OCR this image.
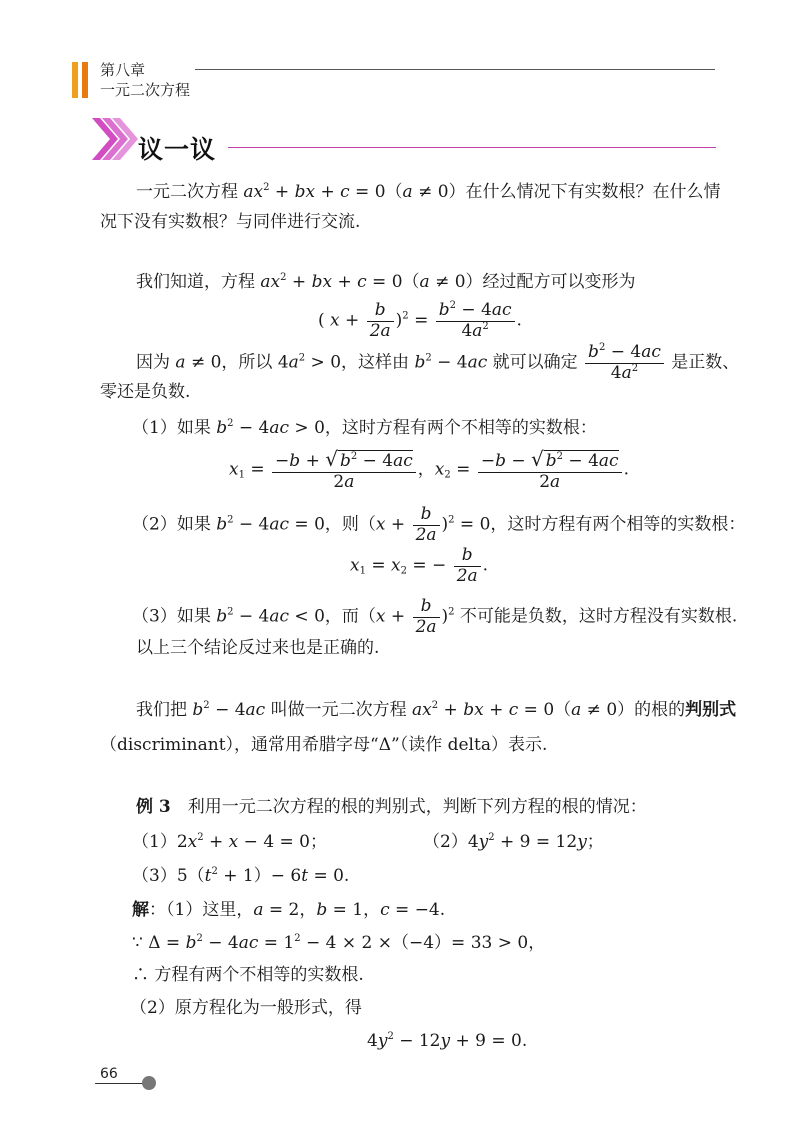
第八章
一元二次方程
议一议
一元二次方程 $ax^2$ + bx + c = 0（a ≠ 0）在什么情况下有实数根？在什么情
况下没有实数根？与同伴进行交流.
我们知道，方程 $ax^2$ + bx + c = 0（a ≠ 0）经过配方可以变形为
( $x + \frac{b}{2a} )^2 = \frac{b^2 - 4ac}{4a^2}$ .
因为 a ≠ 0，所以 $4a^2 > 0$，这样由 $b^2 - 4ac$ 就可以确定 $\frac{b^2 - 4ac}{4a^2}$ 是正数、
零还是负数.
（1）如果 $b^2 - 4ac > 0$，这时方程有两个不相等的实数根：
$x_1 = \frac{-b + √ b^2 - 4ac}{2a}$ ，$x_2 = \frac{-b - √ b^2 - 4ac}{2a}$ .
（2）如果 $b^2 - 4ac = 0$，则$(x + \frac{b}{2a} )^2 = 0$，这时方程有两个相等的实数根：
$x_1 = x_2$ = − $\frac{b}{2a}$ .
（3）如果 $b^2 - 4ac < 0$，而$(x + \frac{b}{2a} )^2$ 不可能是负数，这时方程没有实数根.
以上三个结论反过来也是正确的.
我们把 $b^2 - 4ac$ 叫做一元二次方程 $ax^2$ + bx + c = 0（a ≠ 0）的根的判别式
（discriminant），通常用希腊字母“Δ”（读作 delta）表示.
例 3　利用一元二次方程的根的判别式，判断下列方程的根的情况：
$(1)2x^2 + x - 4 = 0$；	$(2)4y^2 + 9 = 12y$；
$(3)5(t^2 + 1)- 6t = 0$.
解：（1）这里，a = 2，b = 1，c = −4.
∵ $\Delta = b^2 - 4ac = 1^2 - 4 \times 2 \times(-4)= 33 > 0$，
∴ 方程有两个不相等的实数根.
（2）原方程化为一般形式，得
$4y^2 - 12y + 9 = 0$.
66
